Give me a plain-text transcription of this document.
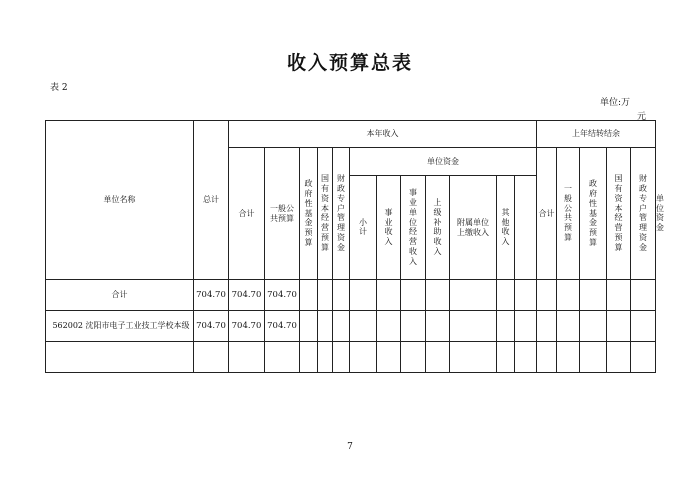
收入预算总表
表 2
单位:万
元
单位名称	总计	本年收入												上年结转结余					
		合计	一般公共预算	政府性基金预算	国有资本经营预算	财政专户管理资金	单位资金							合计	一般公共预算	政府性基金预算	国有资本经营预算	财政专户管理资金	单位资金
							小计	事业收入	事业单位经营收入	上级补助收入	附属单位上缴收入	其他收入							
合计	704.70	704.70	704.70																
562002 沈阳市电子工业技工学校本级	704.70	704.70	704.70																

7
